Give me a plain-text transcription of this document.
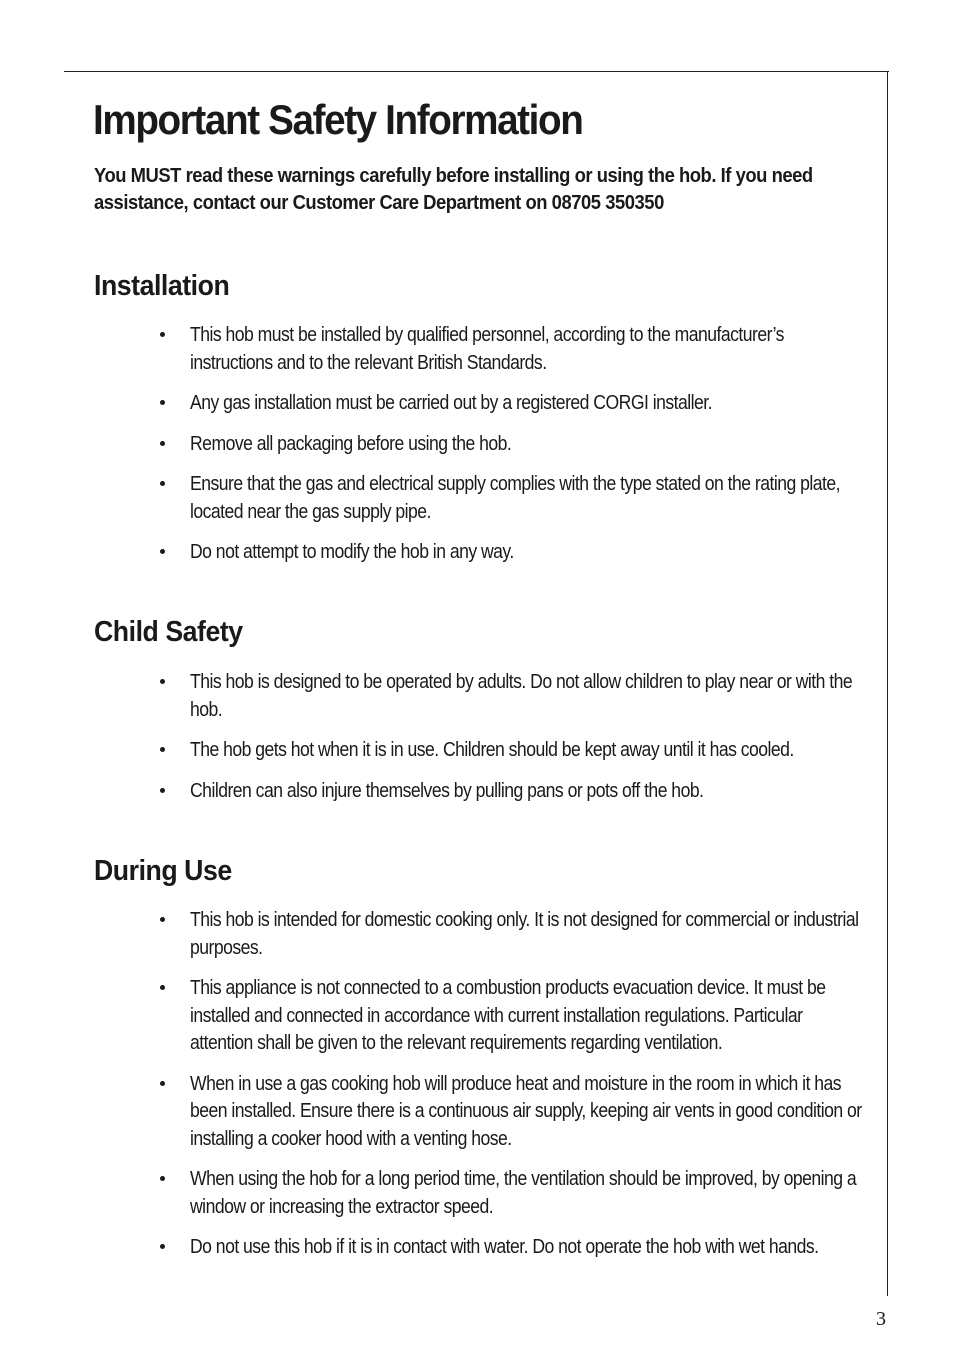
Important Safety Information

You MUST read these warnings carefully before installing or using the hob. If you need assistance, contact our Customer Care Department on 08705 350350

Installation
This hob must be installed by qualified personnel, according to the manufacturer’s instructions and to the relevant British Standards.
Any gas installation must be carried out by a registered CORGI installer.
Remove all packaging before using the hob.
Ensure that the gas and electrical supply complies with the type stated on the rating plate, located near the gas supply pipe.
Do not attempt to modify the hob in any way.
Child Safety
This hob is designed to be operated by adults. Do not allow children to play near or with the hob.
The hob gets hot when it is in use. Children should be kept away until it has cooled.
Children can also injure themselves by pulling pans or pots off the hob.
During Use
This hob is intended for domestic cooking only. It is not designed for commercial or industrial purposes.
This appliance is not connected to a combustion products evacuation device. It must be installed and connected in accordance with current installation regulations. Particular attention shall be given to the relevant requirements regarding ventilation.
When in use a gas cooking hob will produce heat and moisture in the room in which it has been installed. Ensure there is a continuous air supply, keeping air vents in good condition or installing a cooker hood with a venting hose.
When using the hob for a long period time, the ventilation should be improved, by opening a window or increasing the extractor speed.
Do not use this hob if it is in contact with water. Do not operate the hob with wet hands.
3
